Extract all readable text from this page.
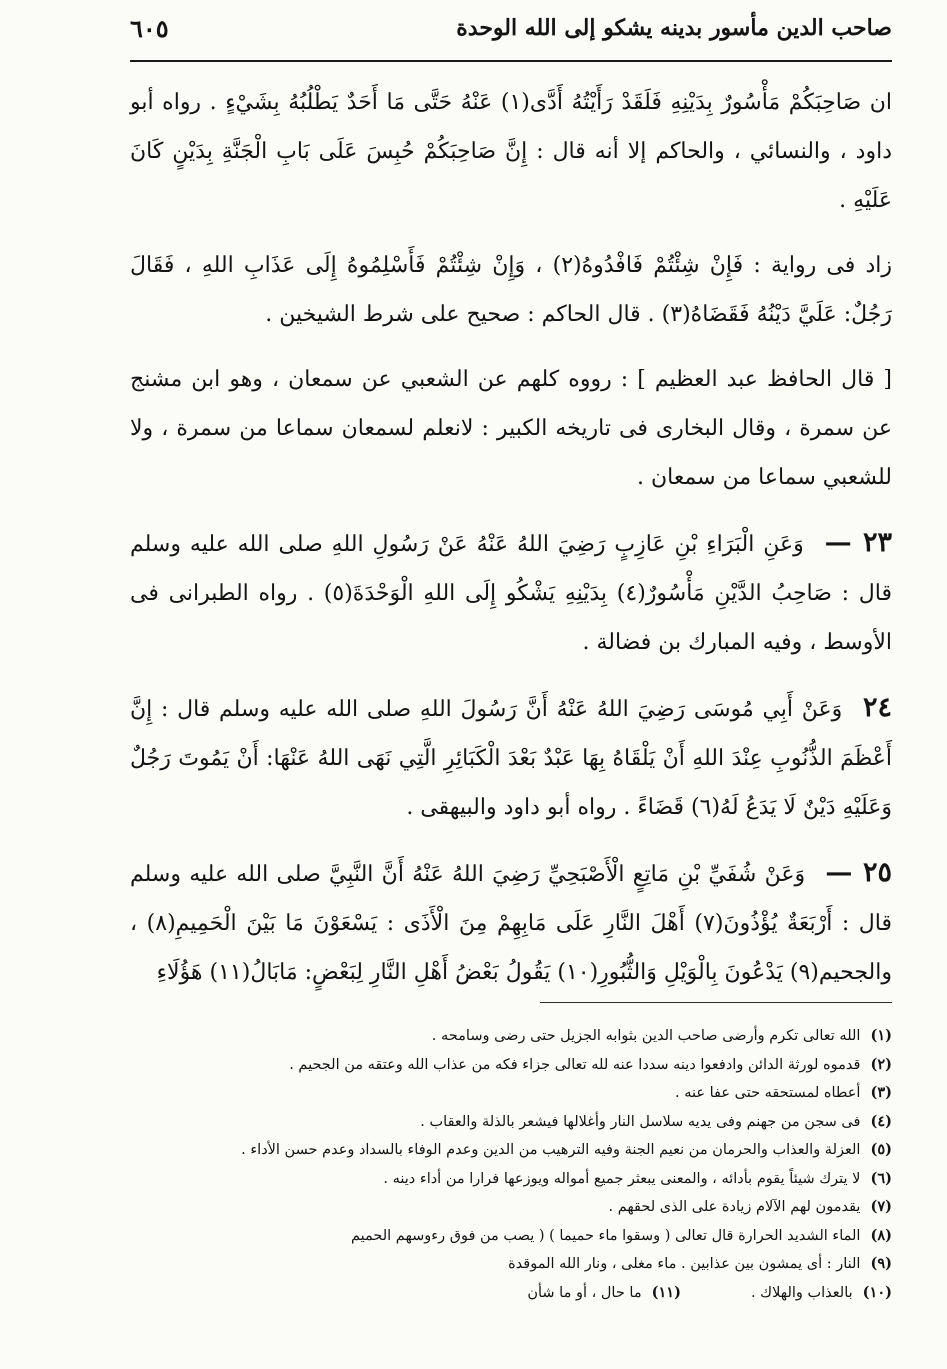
صاحب الدين مأسور بدينه يشكو إلى الله الوحدة
٦٠٥

ان صَاحِبَكُمْ مَأْسُورٌ بِدَيْنِهِ فَلَقَدْ رَأَيْتُهُ أَدَّى(١) عَنْهُ حَتَّى مَا أَحَدٌ يَطْلُبُهُ بِشَيْءٍ . رواه أبو داود ، والنسائي ، والحاكم إلا أنه قال : إِنَّ صَاحِبَكُمْ حُبِسَ عَلَى بَابِ الْجَنَّةِ بِدَيْنٍ كَانَ عَلَيْهِ .

زاد فى رواية : فَإِنْ شِئْتُمْ فَافْدُوهُ(٢) ، وَإِنْ شِئْتُمْ فَأَسْلِمُوهُ إِلَى عَذَابِ اللهِ ، فَقَالَ رَجُلٌ: عَلَيَّ دَيْنُهُ فَقَضَاهُ(٣) . قال الحاكم : صحيح على شرط الشيخين .

[ قال الحافظ عبد العظيم ] : رووه كلهم عن الشعبي عن سمعان ، وهو ابن مشنج عن سمرة ، وقال البخارى فى تاريخه الكبير : لانعلم لسمعان سماعا من سمرة ، ولا للشعبي سماعا من سمعان .

٢٣ — وَعَنِ الْبَرَاءِ بْنِ عَازِبٍ رَضِيَ اللهُ عَنْهُ عَنْ رَسُولِ اللهِ صلى الله عليه وسلم قال : صَاحِبُ الدَّيْنِ مَأْسُورٌ(٤) بِدَيْنِهِ يَشْكُو إِلَى اللهِ الْوَحْدَةَ(٥) . رواه الطبرانى فى الأوسط ، وفيه المبارك بن فضالة .

٢٤ وَعَنْ أَبِي مُوسَى رَضِيَ اللهُ عَنْهُ أَنَّ رَسُولَ اللهِ صلى الله عليه وسلم قال : إِنَّ أَعْظَمَ الذُّنُوبِ عِنْدَ اللهِ أَنْ يَلْقَاهُ بِهَا عَبْدٌ بَعْدَ الْكَبَائِرِ الَّتِي نَهَى اللهُ عَنْهَا: أَنْ يَمُوتَ رَجُلٌ وَعَلَيْهِ دَيْنٌ لَا يَدَعُ لَهُ(٦) قَضَاءً . رواه أبو داود والبيهقى .

٢٥ — وَعَنْ شُفَيِّ بْنِ مَاتِعٍ الْأَصْبَحِيِّ رَضِيَ اللهُ عَنْهُ أَنَّ النَّبِيَّ صلى الله عليه وسلم قال : أَرْبَعَةٌ يُؤْذُونَ(٧) أَهْلَ النَّارِ عَلَى مَابِهِمْ مِنَ الْأَذَى : يَسْعَوْنَ مَا بَيْنَ الْحَمِيمِ(٨) ، والجحيم(٩) يَدْعُونَ بِالْوَيْلِ وَالثُّبُورِ(١٠) يَقُولُ بَعْضُ أَهْلِ النَّارِ لِبَعْضٍ: مَابَالُ(١١) هَؤُلَاءِ

(١)الله تعالى تكرم وأرضى صاحب الدين بثوابه الجزيل حتى رضى وسامحه .
(٢)قدموه لورثة الدائن وادفعوا دينه سددا عنه لله تعالى جزاء فكه من عذاب الله وعتقه من الجحيم .
(٣)أعطاه لمستحقه حتى عفا عنه .
(٤)فى سجن من جهنم وفى يديه سلاسل النار وأغلالها فيشعر بالذلة والعقاب .
(٥)العزلة والعذاب والحرمان من نعيم الجنة وفيه الترهيب من الدين وعدم الوفاء بالسداد وعدم حسن الأداء .
(٦)لا يترك شيئاً يقوم بأدائه ، والمعنى يبعثر جميع أمواله ويوزعها فرارا من أداء دينه .
(٧)يقدمون لهم الآلام زيادة على الذى لحقهم .
(٨)الماء الشديد الحرارة قال تعالى ( وسقوا ماء حميما ) ( يصب من فوق رءوسهم الحميم
(٩)النار : أى يمشون بين عذابين . ماء مغلى ، ونار الله الموقدة
(١٠)بالعذاب والهلاك .
(١١)ما حال ، أو ما شأن
